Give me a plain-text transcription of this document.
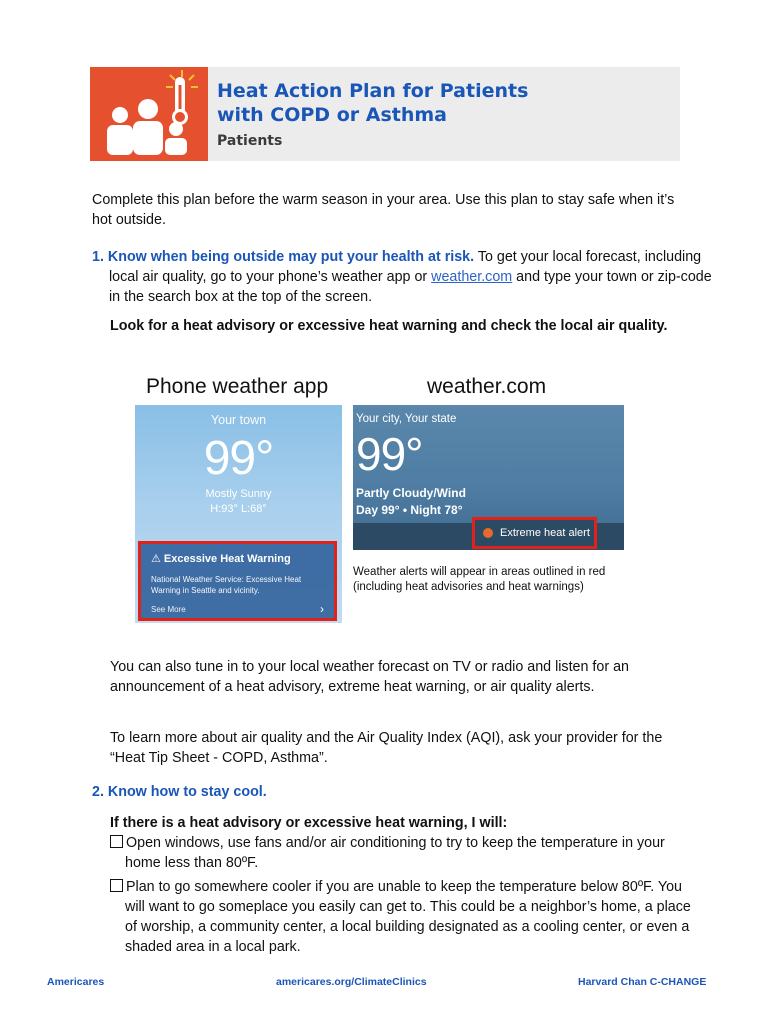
Heat Action Plan for Patients
with COPD or Asthma
Patients

Complete this plan before the warm season in your area. Use this plan to stay safe when it’s hot outside.

1. Know when being outside may put your health at risk. To get your local forecast, including local air quality, go to your phone’s weather app or weather.com and type your town or zip-code in the search box at the top of the screen.

Look for a heat advisory or excessive heat warning and check the local air quality.

Phone weather app	weather.com
Your town
99°
Mostly Sunny
H:93° L:68°
⚠ Excessive Heat Warning
National Weather Service: Excessive Heat Warning in Seattle and vicinity.
See More	›
Your city, Your state
99°
Partly Cloudy/Wind
Day 99° • Night 78°
Extreme heat alert
Weather alerts will appear in areas outlined in red
(including heat advisories and heat warnings)

You can also tune in to your local weather forecast on TV or radio and listen for an announcement of a heat advisory, extreme heat warning, or air quality alerts.

To learn more about air quality and the Air Quality Index (AQI), ask your provider for the “Heat Tip Sheet - COPD, Asthma”.

2. Know how to stay cool.

If there is a heat advisory or excessive heat warning, I will:

Open windows, use fans and/or air conditioning to try to keep the temperature in your home less than 80ºF.

Plan to go somewhere cooler if you are unable to keep the temperature below 80ºF. You will want to go someplace you easily can get to. This could be a neighbor’s home, a place of worship, a community center, a local building designated as a cooling center, or even a shaded area in a local park.

Americares	americares.org/ClimateClinics	Harvard Chan C-CHANGE
